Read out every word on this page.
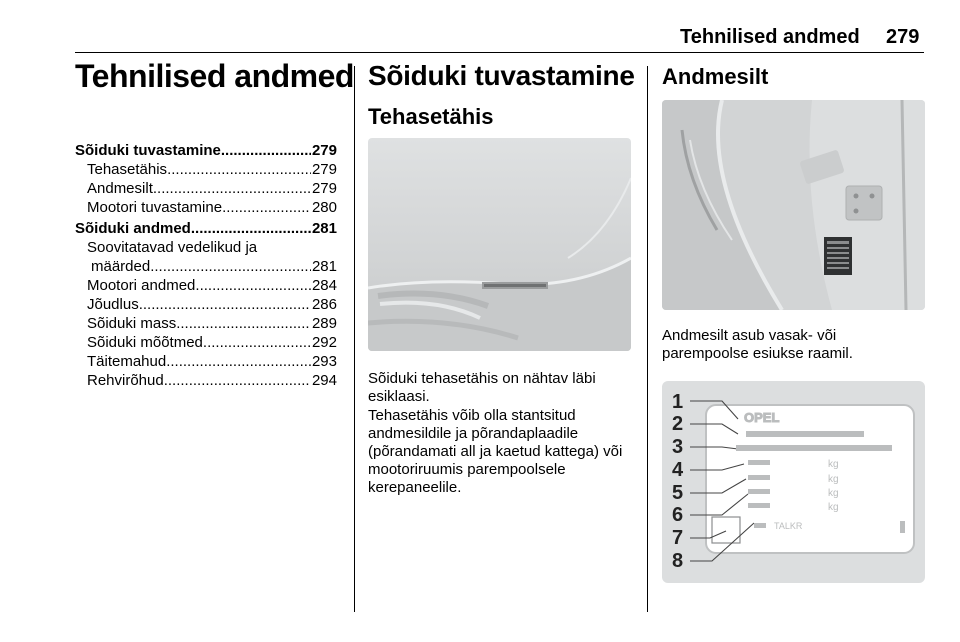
Tehnilised andmed 279
Tehnilised andmed
Sõiduki tuvastamine .....	279
Tehasetähis .....	279
Andmesilt .....	279
Mootori tuvastamine .....	280
Sõiduki andmed .....	281
Soovitatavad vedelikud ja
määrded .....	281
Mootori andmed .....	284
Jõudlus .....	286
Sõiduki mass .....	289
Sõiduki mõõtmed .....	292
Täitemahud .....	293
Rehvirõhud .....	294
Sõiduki tuvastamine
Tehasetähis

Sõiduki tehasetähis on nähtav läbi esiklaasi.

Tehasetähis võib olla stantsitud andmesildile ja põrandaplaadile (põrandamati all ja kaetud kattega) või mootoriruumis parempoolsele kerepaneelile.

Andmesilt

Andmesilt asub vasak- või parempoolse esiukse raamil.

1
2
3
4
5
6
7
8
OPEL
kg
kg
kg
kg
TALKR
